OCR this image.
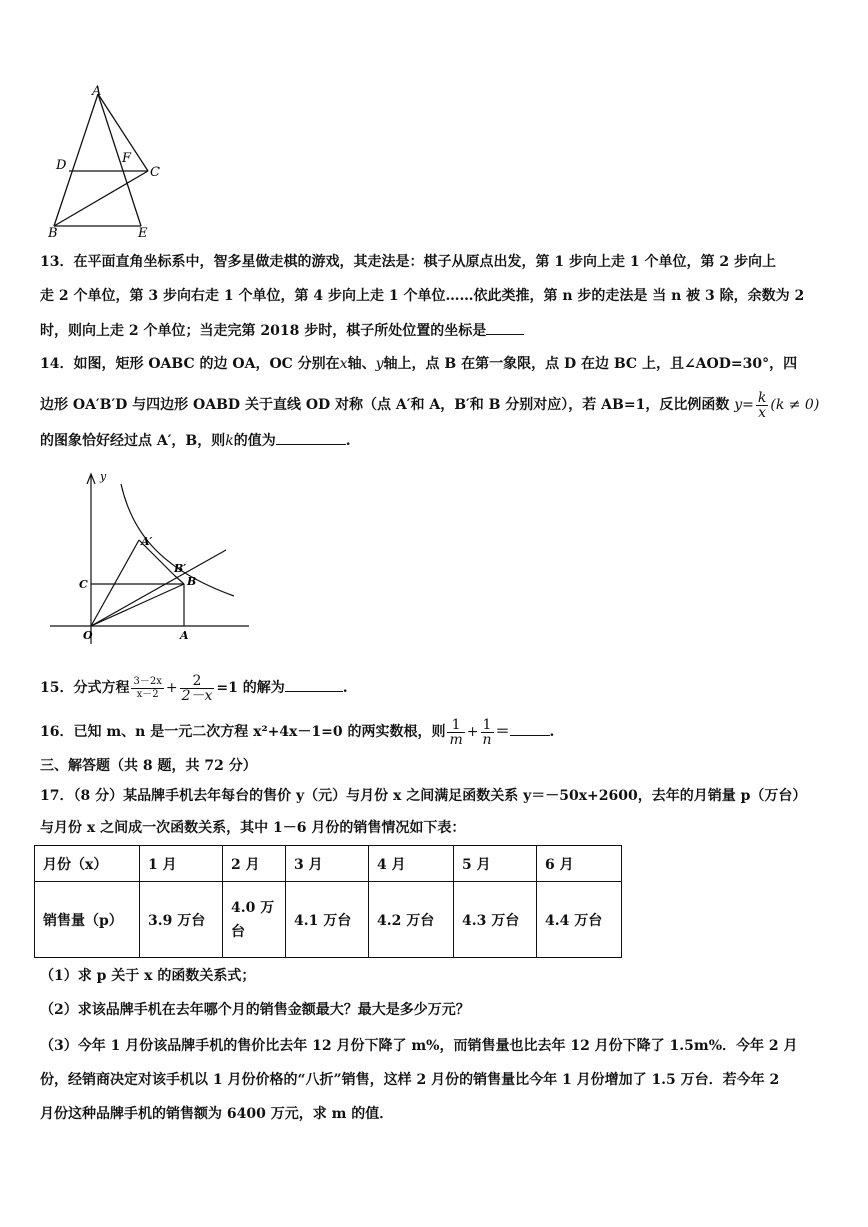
A
D	F
C
B	E
13．在平面直角坐标系中，智多星做走棋的游戏，其走法是：棋子从原点出发，第 1 步向上走 1 个单位，第 2 步向上
走 2 个单位，第 3 步向右走 1 个单位，第 4 步向上走 1 个单位……依此类推，第 n 步的走法是 当 n 被 3 除，余数为 2
时，则向上走 2 个单位；当走完第 2018 步时，棋子所处位置的坐标是
14．如图，矩形 OABC 的边 OA，OC 分别在x轴、y轴上，点 B 在第一象限，点 D 在边 BC 上，且∠AOD=30°，四
边形 OA′B′D 与四边形 OABD 关于直线 OD 对称（点 A′和 A，B′和 B 分别对应），若 AB=1，反比例函数 $y= \frac{k}{x} (k \ne 0)$
的图象恰好经过点 A′，B，则k的值为	.
y
A′
B′
C	B
O	A
15．分式方程 $\frac{3-2x}{x-2} + \frac{2}{2-x} =1$ 的解为	.
16．已知 m、n 是一元二次方程 x²+4x－1=0 的两实数根，则 $\frac{1}{m} + \frac{1}{n}$ ＝	.
三、解答题（共 8 题，共 72 分）
17．（8 分）某品牌手机去年每台的售价 y（元）与月份 x 之间满足函数关系 y＝－50x+2600，去年的月销量 p（万台）
与月份 x 之间成一次函数关系，其中 1－6 月份的销售情况如下表：
月份（x）	1 月	2 月	3 月	4 月	5 月	6 月
销售量（p）	3.9 万台	4.0 万台	4.1 万台	4.2 万台	4.3 万台	4.4 万台
（1）求 p 关于 x 的函数关系式；
（2）求该品牌手机在去年哪个月的销售金额最大？最大是多少万元？
（3）今年 1 月份该品牌手机的售价比去年 12 月份下降了 m%，而销售量也比去年 12 月份下降了 1.5m%．今年 2 月
份，经销商决定对该手机以 1 月份价格的“八折”销售，这样 2 月份的销售量比今年 1 月份增加了 1.5 万台．若今年 2
月份这种品牌手机的销售额为 6400 万元，求 m 的值．
